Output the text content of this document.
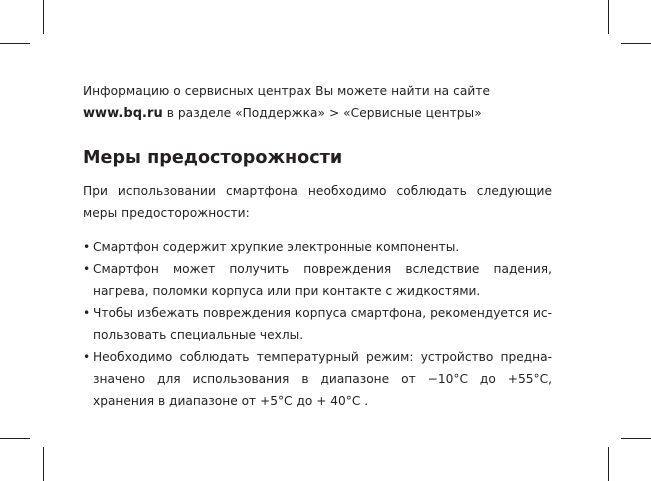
Информацию о сервисных центрах Вы можете найти на сайте

www.bq.ru в разделе «Поддержка» > «Сервисные центры»

Меры предосторожности

При использовании смартфона необходимо соблюдать следующие меры предосторожности:

• Смартфон содержит хрупкие электронные компоненты.
• Смартфон может получить повреждения вследствие падения, нагрева, поломки корпуса или при контакте с жидкостями.
• Чтобы избежать повреждения корпуса смартфона, рекомендуется ис-пользовать специальные чехлы.
• Необходимо соблюдать температурный режим: устройство предна-значено для использования в диапазоне от −10°С до +55°С, хранения в диапазоне от +5°С до + 40°С .
